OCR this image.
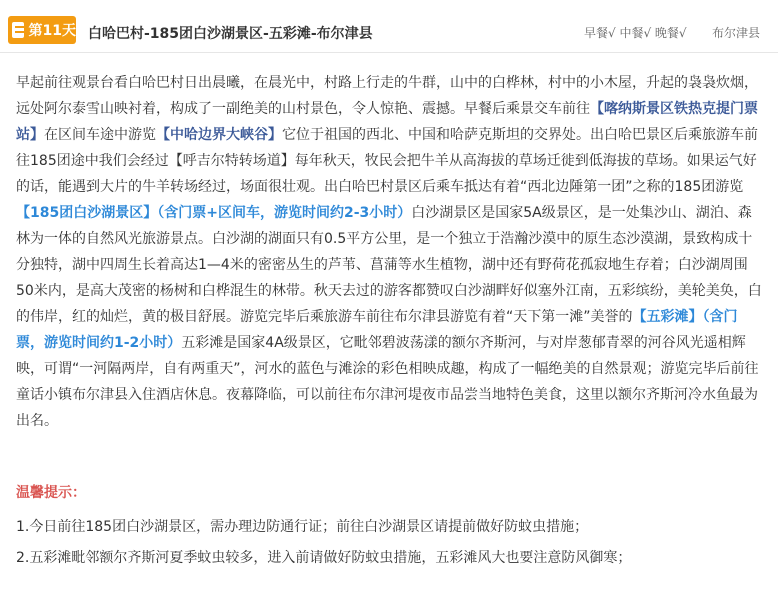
第11天 白哈巴村-185团白沙湖景区-五彩滩-布尔津县	早餐√ 中餐√ 晚餐√ 布尔津县
早起前往观景台看白哈巴村日出晨曦，在晨光中，村路上行走的牛群，山中的白桦林，村中的小木屋，升起的袅袅炊烟，远处阿尔泰雪山映衬着，构成了一副绝美的山村景色，令人惊艳、震撼。早餐后乘景交车前往【喀纳斯景区铁热克提门票站】在区间车途中游览【中哈边界大峡谷】它位于祖国的西北、中国和哈萨克斯坦的交界处。出白哈巴景区后乘旅游车前往185团途中我们会经过【呼吉尔特转场道】每年秋天，牧民会把牛羊从高海拔的草场迁徙到低海拔的草场。如果运气好的话，能遇到大片的牛羊转场经过，场面很壮观。出白哈巴村景区后乘车抵达有着“西北边陲第一团”之称的185团游览【185团白沙湖景区】（含门票+区间车，游览时间约2-3小时）白沙湖景区是国家5A级景区，是一处集沙山、湖泊、森林为一体的自然风光旅游景点。白沙湖的湖面只有0.5平方公里，是一个独立于浩瀚沙漠中的原生态沙漠湖，景致构成十分独特，湖中四周生长着高达1—4米的密密丛生的芦苇、菖蒲等水生植物，湖中还有野荷花孤寂地生存着；白沙湖周围50米内，是高大茂密的杨树和白桦混生的林带。秋天去过的游客都赞叹白沙湖畔好似塞外江南，五彩缤纷，美轮美奂，白的伟岸，红的灿烂，黄的极目舒展。游览完毕后乘旅游车前往布尔津县游览有着“天下第一滩”美誉的【五彩滩】（含门票，游览时间约1-2小时）五彩滩是国家4A级景区，它毗邻碧波荡漾的额尔齐斯河，与对岸葱郁青翠的河谷风光遥相辉映，可谓“一河隔两岸，自有两重天”，河水的蓝色与滩涂的彩色相映成趣，构成了一幅绝美的自然景观；游览完毕后前往童话小镇布尔津县入住酒店休息。夜幕降临，可以前往布尔津河堤夜市品尝当地特色美食，这里以额尔齐斯河冷水鱼最为出名。
温馨提示：
1.今日前往185团白沙湖景区，需办理边防通行证；前往白沙湖景区请提前做好防蚊虫措施；
2.五彩滩毗邻额尔齐斯河夏季蚊虫较多，进入前请做好防蚊虫措施，五彩滩风大也要注意防风御寒；
